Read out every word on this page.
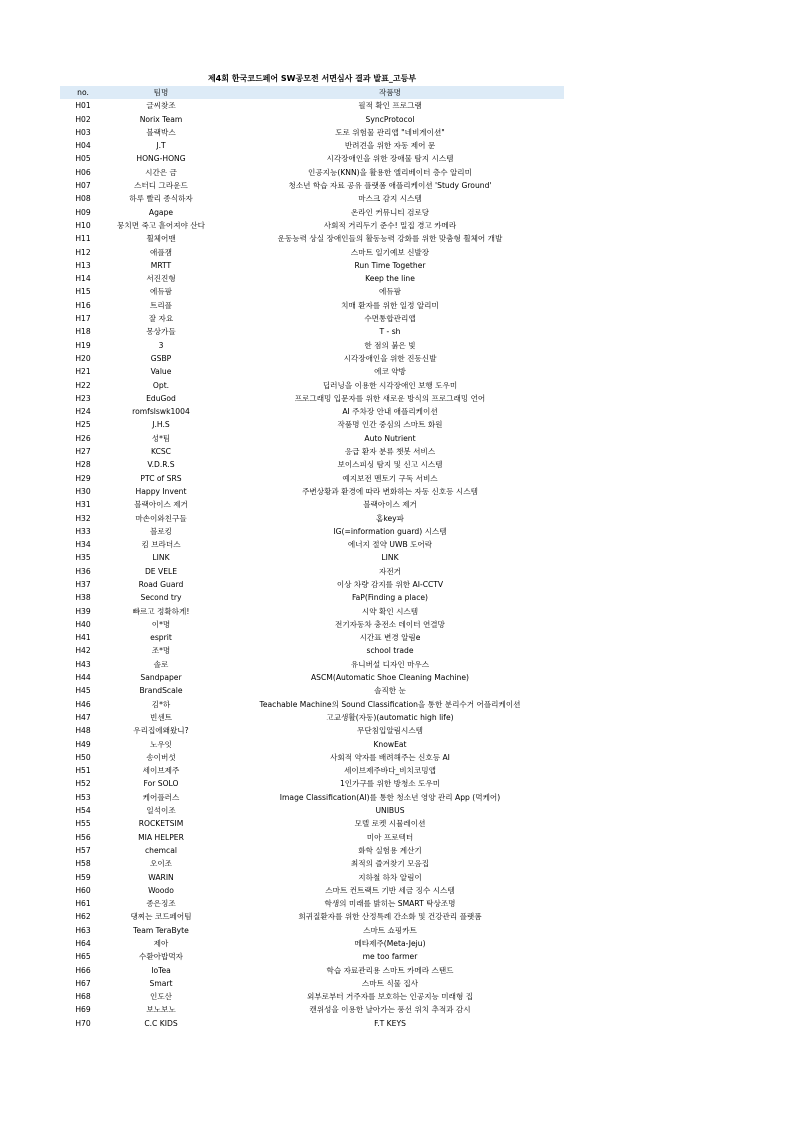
제4회 한국코드페어 SW공모전 서면심사 결과 발표_고등부
no.	팀명	작품명
H01	글씨찾조	필적 확인 프로그램
H02	Norix Team	SyncProtocol
H03	블랙박스	도로 위험물 관리앱 "네비게이션"
H04	J.T	반려견을 위한 자동 제어 문
H05	HONG-HONG	시각장애인을 위한 장애물 탐지 시스템
H06	시간은 금	인공지능(KNN)을 활용한 엘리베이터 층수 알리미
H07	스터디 그라운드	청소년 학습 자료 공유 플랫폼 애플리케이션 'Study Ground'
H08	하루 빨리 종식하자	마스크 감지 시스템
H09	Agape	온라인 커뮤니티 검로당
H10	뭉치면 죽고 흩어져야 산다	사회적 거리두기 준수! 밀집 경고 카메라
H11	휠체어맨	운동능력 상실 장애인들의 활동능력 강화를 위한 맞춤형 휠체어 개발
H12	애플잼	스마트 일기예보 신발장
H13	MRTT	Run Time Together
H14	서진진형	Keep the line
H15	에듀팜	에듀팜
H16	트리플	치매 환자를 위한 일정 알리미
H17	잘 자요	수면통합관리앱
H18	몽상가들	T - sh
H19	3	한 점의 붉은 빛
H20	GSBP	시각장애인을 위한 진동신발
H21	Value	에코 약방
H22	Opt.	딥러닝을 이용한 시각장애인 보행 도우미
H23	EduGod	프로그래밍 입문자를 위한 새로운 방식의 프로그래밍 언어
H24	romfslswk1004	AI 주차장 안내 애플리케이션
H25	J.H.S	작품명 인간 중심의 스마트 화원
H26	성*팀	Auto Nutrient
H27	KCSC	응급 환자 분류 챗봇 서비스
H28	V.D.R.S	보이스피싱 탐지 및 신고 시스템
H29	PTC of SRS	예지보전 멘토기 구독 서비스
H30	Happy Invent	주변상황과 환경에 따라 변화하는 자동 신호등 시스템
H31	블랙아이스 제거	블랙아이스 제거
H32	마손이와친구들	홈key파
H33	블로킹	IG(=information guard) 시스템
H34	킴 브라더스	에너지 절약 UWB 도어락
H35	LINK	LINK
H36	DE VELE	자전거
H37	Road Guard	이상 차량 감지를 위한 AI-CCTV
H38	Second try	FaP(Finding a place)
H39	빠르고 정확하게!	시약 확인 시스템
H40	이*명	전기자동차 충전소 데이터 연결망
H41	esprit	시간표 변경 알림e
H42	조*명	school trade
H43	솔로	유니버설 디자인 마우스
H44	Sandpaper	ASCM(Automatic Shoe Cleaning Machine)
H45	BrandScale	솔직한 눈
H46	김*하	Teachable Machine의 Sound Classification을 통한 분리수거 어플리케이션
H47	빈센트	고교생활(자동)(automatic high life)
H48	우리집에왜왔니?	무단침입알림시스템
H49	노우잇	KnowEat
H50	송이버섯	사회적 약자를 배려해주는 신호등 AI
H51	세이브제주	세이브제주바다_비치코밍앱
H52	For SOLO	1인가구를 위한 방청소 도우미
H53	케어플러스	Image Classification(AI)를 통한 청소년 영양 관리 App (먹케어)
H54	일석이조	UNIBUS
H55	ROCKETSIM	모델 로켓 시뮬레이션
H56	MIA HELPER	미아 프로텍터
H57	chemcal	화학 실험용 계산기
H58	오이조	최적의 즐겨찾기 모음집
H59	WARIN	지하철 하차 알림이
H60	Woodo	스마트 컨트랙트 기반 세금 징수 시스템
H61	종은징조	학생의 미래를 밝히는 SMART 탁상조명
H62	댕찌는 코드페어팀	희귀질환자를 위한 산정특례 간소화 및 건강관리 플랫폼
H63	Team TeraByte	스마트 쇼핑카트
H64	제아	메타제주(Meta-Jeju)
H65	수환아밥먹자	me too farmer
H66	IoTea	학습 자료관리용 스마트 카메라 스탠드
H67	Smart	스마트 식물 집사
H68	인도산	외부로부터 거주자를 보호하는 인공지능 미래형 집
H69	보노보노	캔위성을 이용한 날아가는 풍선 위치 추적과 감시
H70	C.C KIDS	F.T KEYS
